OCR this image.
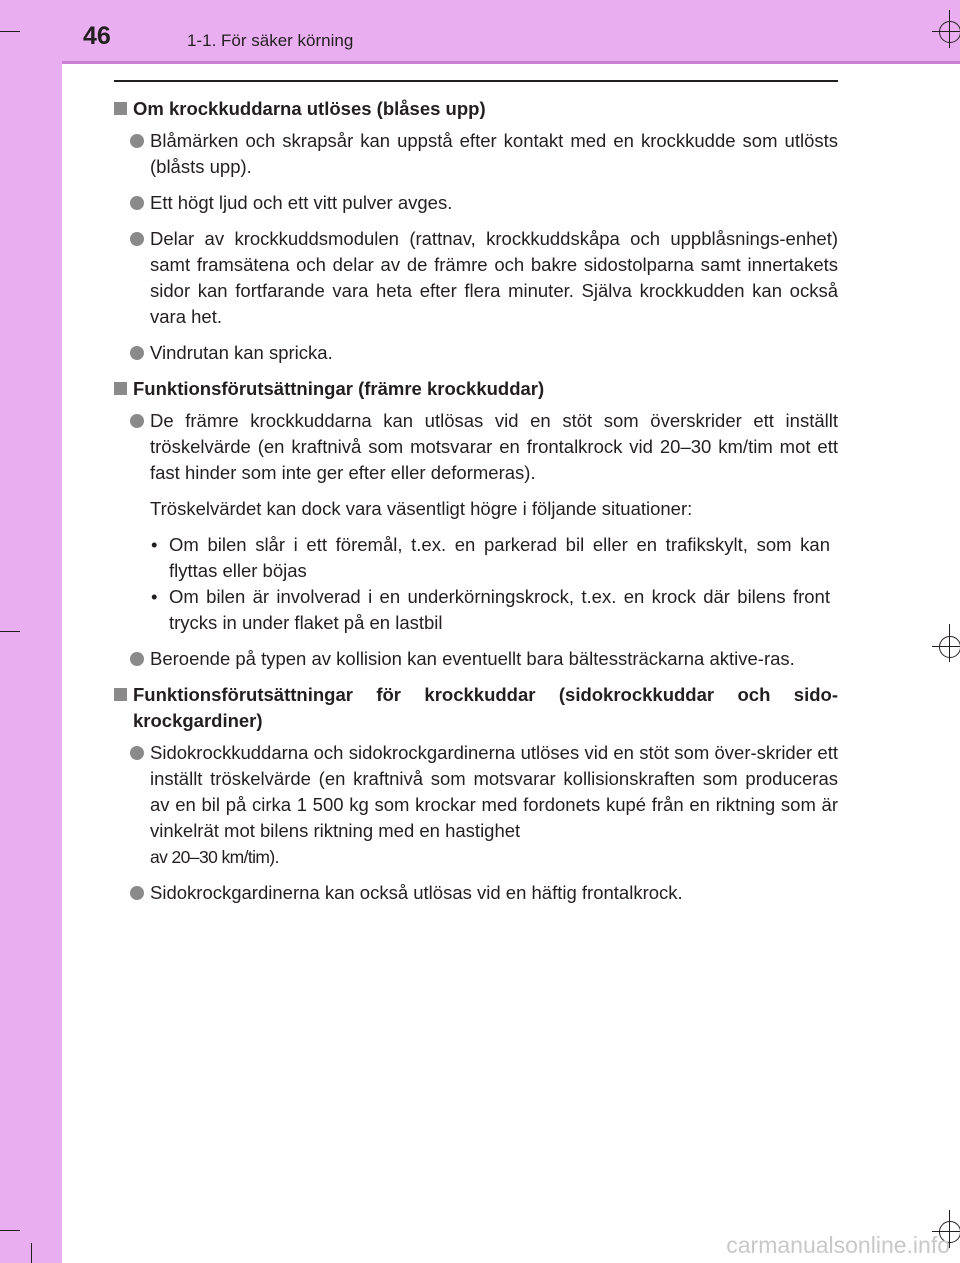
46	1-1. För säker körning
Om krockkuddarna utlöses (blåses upp)
Blåmärken och skrapsår kan uppstå efter kontakt med en krockkudde som utlösts (blåsts upp).
Ett högt ljud och ett vitt pulver avges.
Delar av krockkuddsmodulen (rattnav, krockkuddskåpa och uppblåsnings-enhet) samt framsätena och delar av de främre och bakre sidostolparna samt innertakets sidor kan fortfarande vara heta efter flera minuter. Själva krockkudden kan också vara het.
Vindrutan kan spricka.
Funktionsförutsättningar (främre krockkuddar)
De främre krockkuddarna kan utlösas vid en stöt som överskrider ett inställt tröskelvärde (en kraftnivå som motsvarar en frontalkrock vid 20–30 km/tim mot ett fast hinder som inte ger efter eller deformeras).
Tröskelvärdet kan dock vara väsentligt högre i följande situationer:
• Om bilen slår i ett föremål, t.ex. en parkerad bil eller en trafikskylt, som kan flyttas eller böjas
• Om bilen är involverad i en underkörningskrock, t.ex. en krock där bilens front trycks in under flaket på en lastbil
Beroende på typen av kollision kan eventuellt bara bältessträckarna aktive-ras.
Funktionsförutsättningar för krockkuddar (sidokrockkuddar och sido-krockgardiner)
Sidokrockkuddarna och sidokrockgardinerna utlöses vid en stöt som över-skrider ett inställt tröskelvärde (en kraftnivå som motsvarar kollisionskraften som produceras av en bil på cirka 1 500 kg som krockar med fordonets kupé från en riktning som är vinkelrät mot bilens riktning med en hastighet
av 20–30 km/tim).
Sidokrockgardinerna kan också utlösas vid en häftig frontalkrock.
carmanualsonline.info
